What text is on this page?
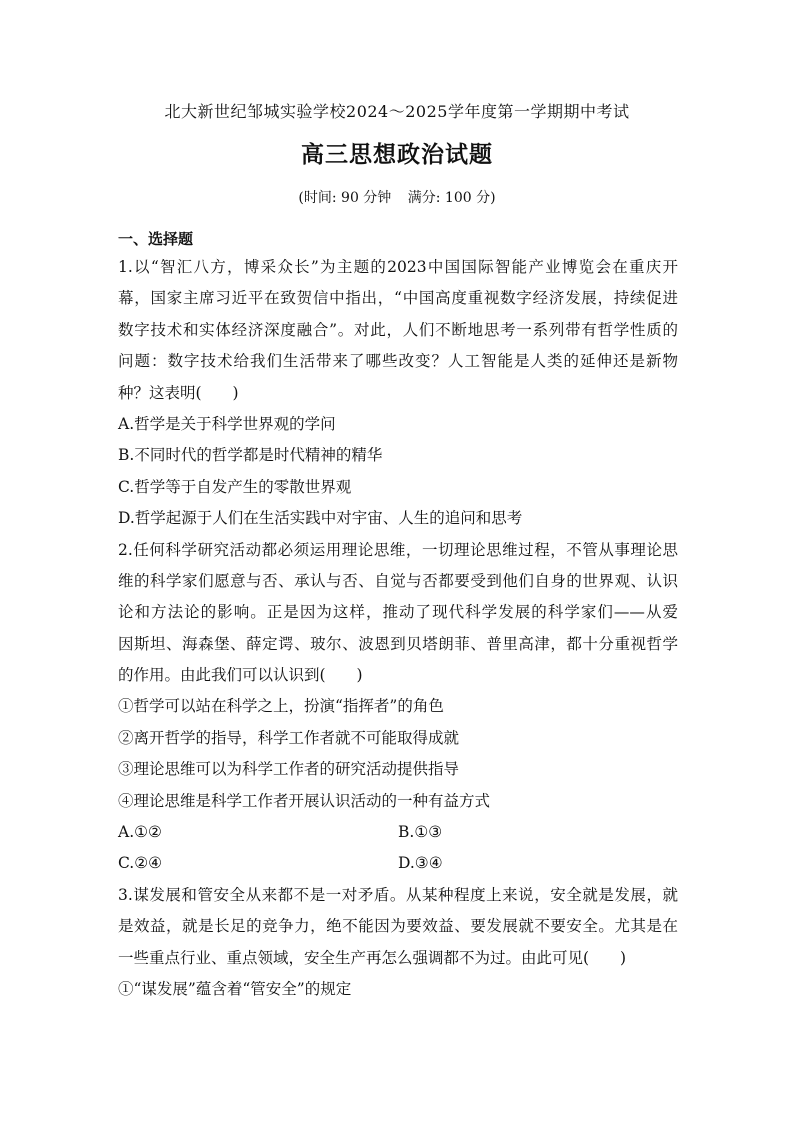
北大新世纪邹城实验学校2024～2025学年度第一学期期中考试
高三思想政治试题
(时间: 90 分钟 满分: 100 分)
一、选择题
1.以“智汇八方，博采众长”为主题的2023中国国际智能产业博览会在重庆开
幕，国家主席习近平在致贺信中指出，“中国高度重视数字经济发展，持续促进
数字技术和实体经济深度融合”。对此，人们不断地思考一系列带有哲学性质的
问题：数字技术给我们生活带来了哪些改变？人工智能是人类的延伸还是新物
种？这表明(　　)
A.哲学是关于科学世界观的学问
B.不同时代的哲学都是时代精神的精华
C.哲学等于自发产生的零散世界观
D.哲学起源于人们在生活实践中对宇宙、人生的追问和思考
2.任何科学研究活动都必须运用理论思维，一切理论思维过程，不管从事理论思
维的科学家们愿意与否、承认与否、自觉与否都要受到他们自身的世界观、认识
论和方法论的影响。正是因为这样，推动了现代科学发展的科学家们——从爱
因斯坦、海森堡、薛定谔、玻尔、波恩到贝塔朗菲、普里高津，都十分重视哲学
的作用。由此我们可以认识到(　　)
①哲学可以站在科学之上，扮演“指挥者”的角色
②离开哲学的指导，科学工作者就不可能取得成就
③理论思维可以为科学工作者的研究活动提供指导
④理论思维是科学工作者开展认识活动的一种有益方式
A.①②	B.①③
C.②④	D.③④
3.谋发展和管安全从来都不是一对矛盾。从某种程度上来说，安全就是发展，就
是效益，就是长足的竞争力，绝不能因为要效益、要发展就不要安全。尤其是在
一些重点行业、重点领域，安全生产再怎么强调都不为过。由此可见(　　)
①“谋发展”蕴含着“管安全”的规定
